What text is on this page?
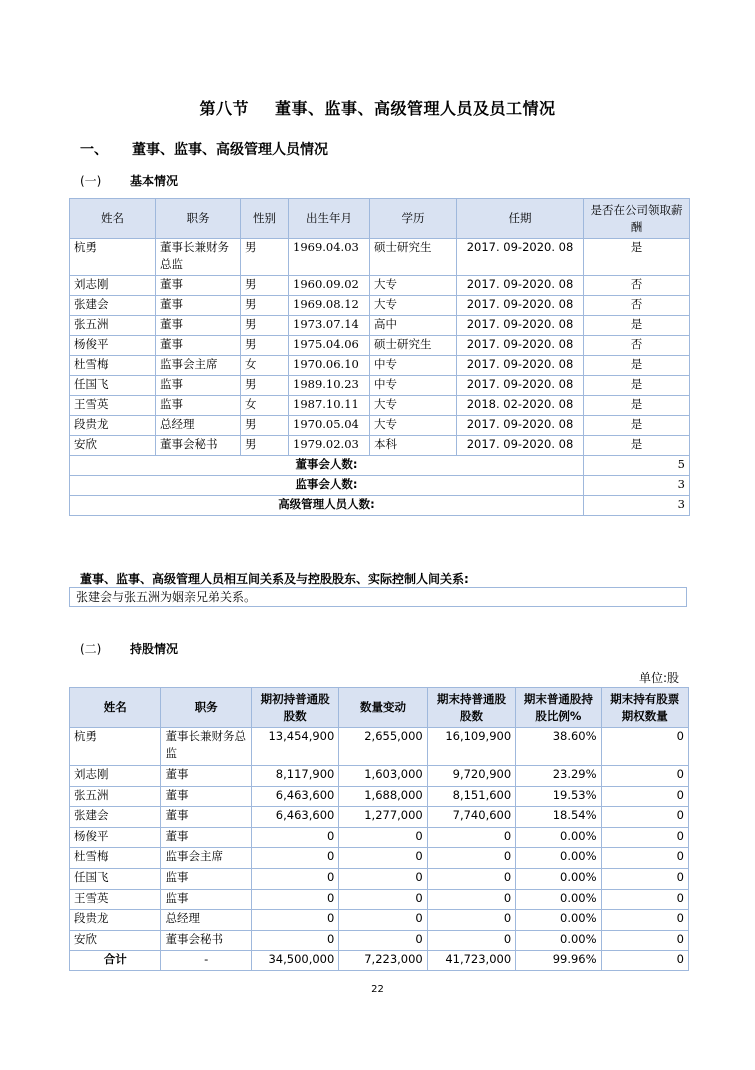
第八节 董事、监事、高级管理人员及员工情况
一、 董事、监事、高级管理人员情况
(一) 基本情况
姓名	职务	性别	出生年月	学历	任期	是否在公司领取薪酬
杭勇	董事长兼财务总监	男	1969.04.03	硕士研究生	2017. 09-2020. 08	是
刘志刚	董事	男	1960.09.02	大专	2017. 09-2020. 08	否
张建会	董事	男	1969.08.12	大专	2017. 09-2020. 08	否
张五洲	董事	男	1973.07.14	高中	2017. 09-2020. 08	是
杨俊平	董事	男	1975.04.06	硕士研究生	2017. 09-2020. 08	否
杜雪梅	监事会主席	女	1970.06.10	中专	2017. 09-2020. 08	是
任国飞	监事	男	1989.10.23	中专	2017. 09-2020. 08	是
王雪英	监事	女	1987.10.11	大专	2018. 02-2020. 08	是
段贵龙	总经理	男	1970.05.04	大专	2017. 09-2020. 08	是
安欣	董事会秘书	男	1979.02.03	本科	2017. 09-2020. 08	是
董事会人数:						5
监事会人数:						3
高级管理人员人数:						3
董事、监事、高级管理人员相互间关系及与控股股东、实际控制人间关系:
张建会与张五洲为姻亲兄弟关系。
(二) 持股情况
单位:股
姓名	职务	期初持普通股股数	数量变动	期末持普通股股数	期末普通股持股比例%	期末持有股票期权数量
杭勇	董事长兼财务总监	13,454,900	2,655,000	16,109,900	38.60%	0
刘志刚	董事	8,117,900	1,603,000	9,720,900	23.29%	0
张五洲	董事	6,463,600	1,688,000	8,151,600	19.53%	0
张建会	董事	6,463,600	1,277,000	7,740,600	18.54%	0
杨俊平	董事	0	0	0	0.00%	0
杜雪梅	监事会主席	0	0	0	0.00%	0
任国飞	监事	0	0	0	0.00%	0
王雪英	监事	0	0	0	0.00%	0
段贵龙	总经理	0	0	0	0.00%	0
安欣	董事会秘书	0	0	0	0.00%	0
合计	-	34,500,000	7,223,000	41,723,000	99.96%	0
22
